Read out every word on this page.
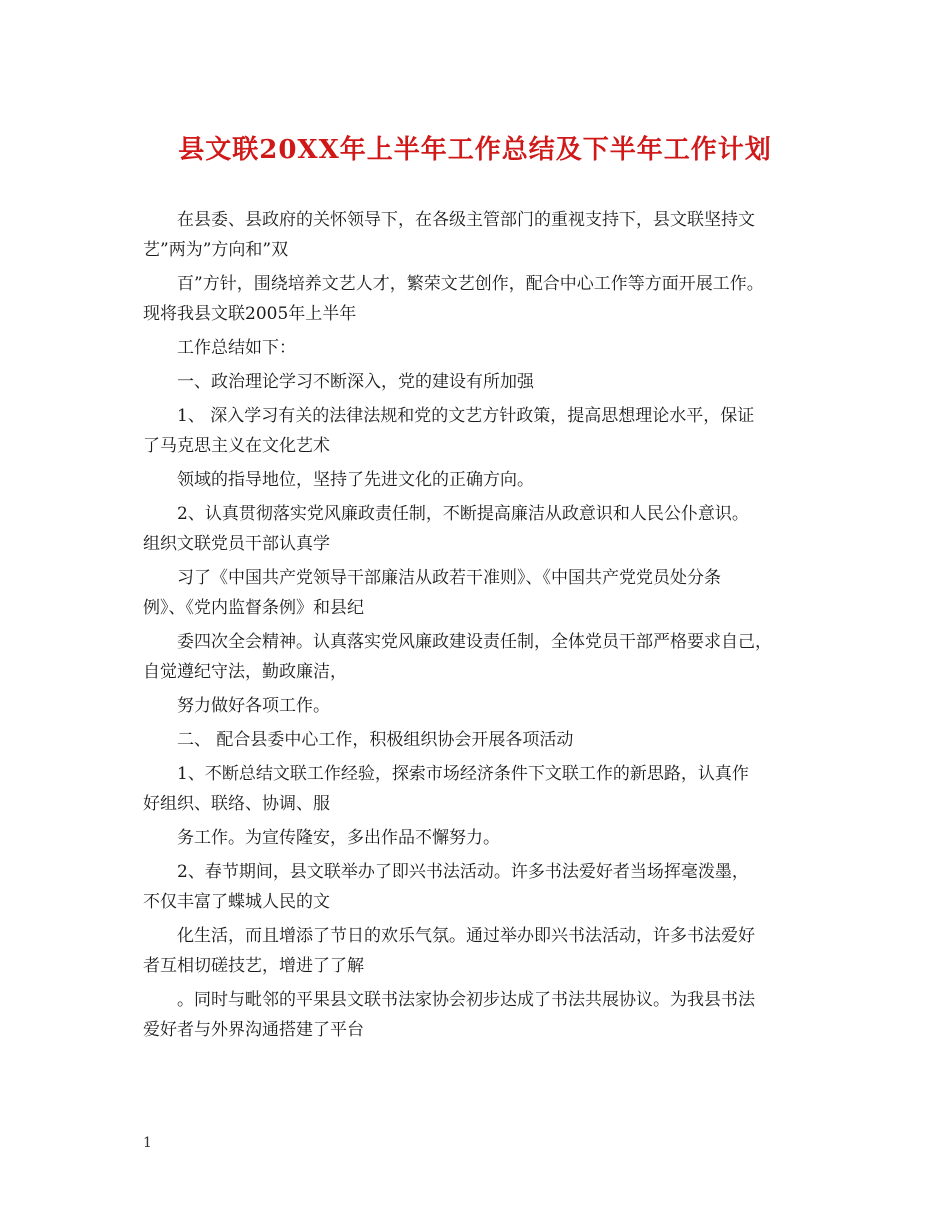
县文联20XX年上半年工作总结及下半年工作计划

在县委、县政府的关怀领导下，在各级主管部门的重视支持下，县文联坚持文
艺”两为”方向和”双

百”方针，围绕培养文艺人才，繁荣文艺创作，配合中心工作等方面开展工作。
现将我县文联2005年上半年

工作总结如下：

一、政治理论学习不断深入，党的建设有所加强

1、 深入学习有关的法律法规和党的文艺方针政策，提高思想理论水平，保证
了马克思主义在文化艺术

领域的指导地位，坚持了先进文化的正确方向。

2、认真贯彻落实党风廉政责任制，不断提高廉洁从政意识和人民公仆意识。
组织文联党员干部认真学

习了《中国共产党领导干部廉洁从政若干准则》、《中国共产党党员处分条
例》、《党内监督条例》和县纪

委四次全会精神。认真落实党风廉政建设责任制，全体党员干部严格要求自己，
自觉遵纪守法，勤政廉洁，

努力做好各项工作。

二、 配合县委中心工作，积极组织协会开展各项活动

1、不断总结文联工作经验，探索市场经济条件下文联工作的新思路，认真作
好组织、联络、协调、服

务工作。为宣传隆安，多出作品不懈努力。

2、春节期间，县文联举办了即兴书法活动。许多书法爱好者当场挥毫泼墨，
不仅丰富了蝶城人民的文

化生活，而且增添了节日的欢乐气氛。通过举办即兴书法活动，许多书法爱好
者互相切磋技艺，增进了了解

。同时与毗邻的平果县文联书法家协会初步达成了书法共展协议。为我县书法
爱好者与外界沟通搭建了平台

1
